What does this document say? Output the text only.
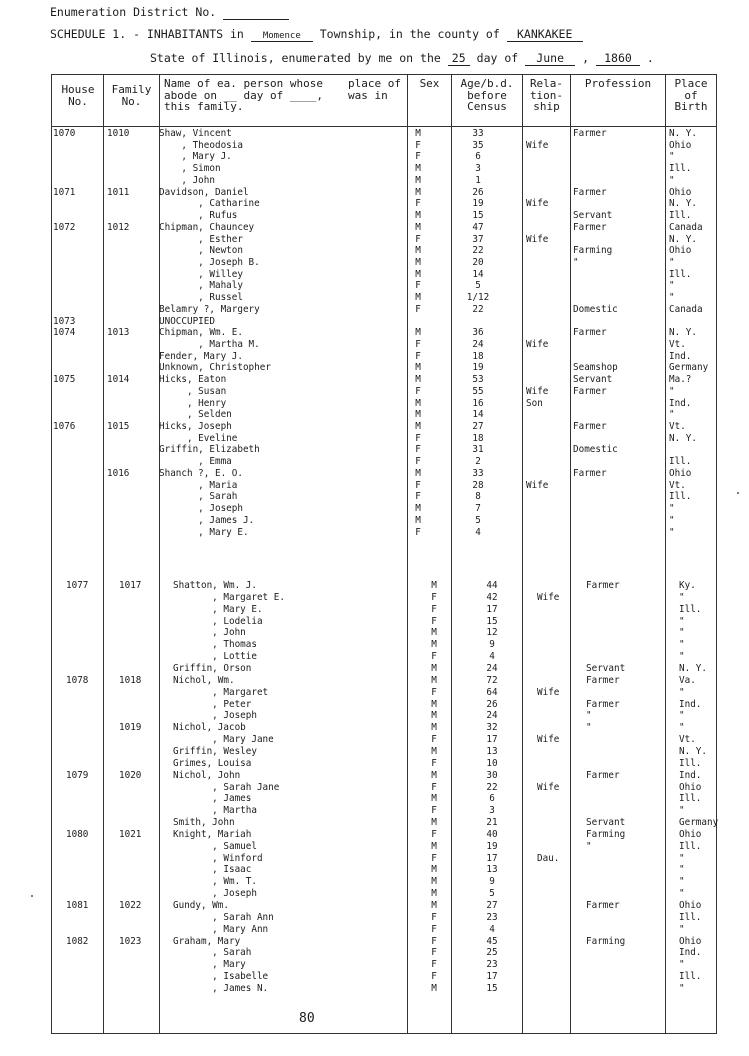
Enumeration District No.
SCHEDULE 1. - INHABITANTS in Momence Township, in the county of KANKAKEE
State of Illinois, enumerated by me on the 25 day of June , 1860 .
House
No.
Family
No.
Name of ea. person whose
abode on __ day of ____,
this family.
place of
was in
Sex	Age/b.d.
before
Census
Rela-
tion-
ship
Profession	Place
of
Birth
1070	1010	Shaw, Vincent	M	33	Farmer	N. Y.
, Theodosia	F	35	Wife	Ohio
, Mary J.	F	6	"
, Simon	M	3	Ill.
, John	M	1	"
1071	1011	Davidson, Daniel	M	26	Farmer	Ohio
, Catharine	F	19	Wife	N. Y.
, Rufus	M	15	Servant	Ill.
1072	1012	Chipman, Chauncey	M	47	Farmer	Canada
, Esther	F	37	Wife	N. Y.
, Newton	M	22	Farming	Ohio
, Joseph B.	M	20	"	"
, Willey	M	14	Ill.
, Mahaly	F	5	"
, Russel	M	1/12	"
Belamry ?, Margery	F	22	Domestic	Canada
1073	UNOCCUPIED
1074	1013	Chipman, Wm. E.	M	36	Farmer	N. Y.
, Martha M.	F	24	Wife	Vt.
Fender, Mary J.	F	18	Ind.
Unknown, Christopher	M	19	Seamshop	Germany
1075	1014	Hicks, Eaton	M	53	Servant	Ma.?
, Susan	F	55	Wife	Farmer	"
, Henry	M	16	Son	Ind.
, Selden	M	14	"
1076	1015	Hicks, Joseph	M	27	Farmer	Vt.
, Eveline	F	18	N. Y.
Griffin, Elizabeth	F	31	Domestic
, Emma	F	2	Ill.
1016	Shanch ?, E. O.	M	33	Farmer	Ohio
, Maria	F	28	Wife	Vt.
, Sarah	F	8	Ill.
, Joseph	M	7	"
, James J.	M	5	"
, Mary E.	F	4	"
1077	1017	Shatton, Wm. J.	M	44	Farmer	Ky.
, Margaret E.	F	42	Wife	"
, Mary E.	F	17	Ill.
, Lodelia	F	15	"
, John	M	12	"
, Thomas	M	9	"
, Lottie	F	4	"
Griffin, Orson	M	24	Servant	N. Y.
1078	1018	Nichol, Wm.	M	72	Farmer	Va.
, Margaret	F	64	Wife	"
, Peter	M	26	Farmer	Ind.
, Joseph	M	24	"	"
1019	Nichol, Jacob	M	32	"	"
, Mary Jane	F	17	Wife	Vt.
Griffin, Wesley	M	13	N. Y.
Grimes, Louisa	F	10	Ill.
1079	1020	Nichol, John	M	30	Farmer	Ind.
, Sarah Jane	F	22	Wife	Ohio
, James	M	6	Ill.
, Martha	F	3	"
Smith, John	M	21	Servant	Germany
1080	1021	Knight, Mariah	F	40	Farming	Ohio
, Samuel	M	19	"	Ill.
, Winford	F	17	Dau.	"
, Isaac	M	13	"
, Wm. T.	M	9	"
, Joseph	M	5	"
1081	1022	Gundy, Wm.	M	27	Farmer	Ohio
, Sarah Ann	F	23	Ill.
, Mary Ann	F	4	"
1082	1023	Graham, Mary	F	45	Farming	Ohio
, Sarah	F	25	Ind.
, Mary	F	23	"
, Isabelle	F	17	Ill.
, James N.	M	15	"
80
